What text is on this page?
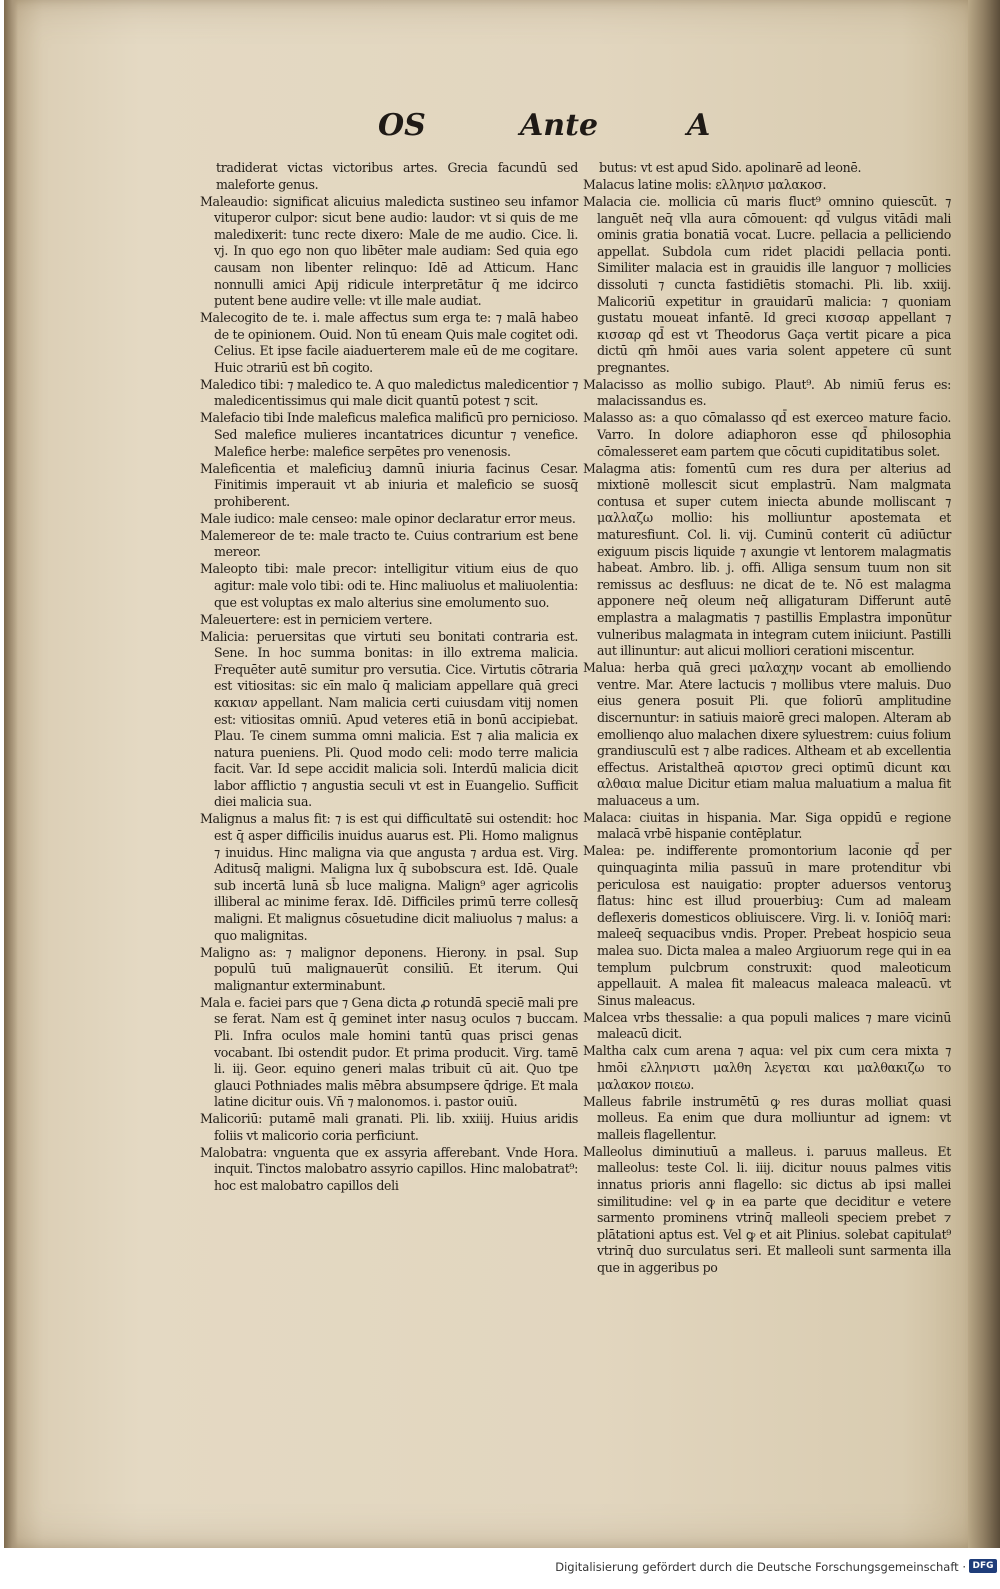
OS	Ante	A

tradiderat victas victoribus artes. Grecia facundū sed maleforte genus.

Maleaudio: significat alicuius maledicta sustineo seu infamor vituperor culpor: sicut bene audio: laudor: vt si quis de me maledixerit: tunc recte dixero: Male de me audio. Cice. li. vj. In quo ego non quo libēter male audiam: Sed quia ego causam non libenter relinquo: Idē ad Atticum. Hanc nonnulli amici Apij ridicule interpretātur q̄ me idcirco putent bene audire velle: vt ille male audiat.

Malecogito de te. i. male affectus sum erga te: ⁊ malā habeo de te opinionem. Ouid. Non tū eneam Quis male cogitet odi. Celius. Et ipse facile aiaduerterem male eū de me cogitare. Huic ɔtrariū est bn̄ cogito.

Maledico tibi: ⁊ maledico te. A quo maledictus maledicentior ⁊ maledicentissimus qui male dicit quantū potest ⁊ scit.

Malefacio tibi Inde maleficus malefica malificū pro pernicioso. Sed malefice mulieres incantatrices dicuntur ⁊ venefice. Malefice herbe: malefice serpētes pro venenosis.

Maleficentia et maleficiuꝫ damnū iniuria facinus Cesar. Finitimis imperauit vt ab iniuria et maleficio se suosq̄ prohiberent.

Male iudico: male censeo: male opinor declaratur error meus.

Malemereor de te: male tracto te. Cuius contrarium est bene mereor.

Maleopto tibi: male precor: intelligitur vitium eius de quo agitur: male volo tibi: odi te. Hinc maliuolus et maliuolentia: que est voluptas ex malo alterius sine emolumento suo.

Maleuertere: est in perniciem vertere.

Malicia: peruersitas que virtuti seu bonitati contraria est. Sene. In hoc summa bonitas: in illo extrema malicia. Frequēter autē sumitur pro versutia. Cice. Virtutis cōtraria est vitiositas: sic eīn malo q̄ maliciam appellare quā greci κακιαν appellant. Nam malicia certi cuiusdam vitij nomen est: vitiositas omniū. Apud veteres etiā in bonū accipiebat. Plau. Te cinem summa omni malicia. Est ⁊ alia malicia ex natura pueniens. Pli. Quod modo celi: modo terre malicia facit. Var. Id sepe accidit malicia soli. Interdū malicia dicit labor afflictio ⁊ angustia seculi vt est in Euangelio. Sufficit diei malicia sua.

Malignus a malus fit: ⁊ is est qui difficultatē sui ostendit: hoc est q̄ asper difficilis inuidus auarus est. Pli. Homo malignus ⁊ inuidus. Hinc maligna via que angusta ⁊ ardua est. Virg. Aditusq̄ maligni. Maligna lux q̄ subobscura est. Idē. Quale sub incertā lunā sb̄ luce maligna. Malign⁹ ager agricolis illiberal ac minime ferax. Idē. Difficiles primū terre collesq̄ maligni. Et malignus cōsuetudine dicit maliuolus ⁊ malus: a quo malignitas.

Maligno as: ⁊ malignor deponens. Hierony. in psal. Sup populū tuū malignauerūt consiliū. Et iterum. Qui malignantur exterminabunt.

Mala e. faciei pars que ⁊ Gena dicta ꝓ rotundā speciē mali pre se ferat. Nam est q̄ geminet inter nasuꝫ oculos ⁊ buccam. Pli. Infra oculos male homini tantū quas prisci genas vocabant. Ibi ostendit pudor. Et prima producit. Virg. tamē li. iij. Geor. equino generi malas tribuit cū ait. Quo tpe glauci Pothniades malis mēbra absumpsere q̄drige. Et mala latine dicitur ouis. Vn̄ ⁊ malonomos. i. pastor ouiū.

Malicoriū: putamē mali granati. Pli. lib. xxiiij. Huius aridis foliis vt malicorio coria perficiunt.

Malobatra: vnguenta que ex assyria afferebant. Vnde Hora. inquit. Tinctos malobatro assyrio capillos. Hinc malobatrat⁹: hoc est malobatro capillos deli

butus: vt est apud Sido. apolinarē ad leonē.

Malacus latine molis: ελληνισ μαλακοσ.

Malacia cie. mollicia cū maris fluct⁹ omnino quiescūt. ⁊ languēt neq̄ vlla aura cōmouent: qd̄ vulgus vitādi mali ominis gratia bonatiā vocat. Lucre. pellacia a pelliciendo appellat. Subdola cum ridet placidi pellacia ponti. Similiter malacia est in grauidis ille languor ⁊ mollicies dissoluti ⁊ cuncta fastidiētis stomachi. Pli. lib. xxiij. Malicoriū expetitur in grauidarū malicia: ⁊ quoniam gustatu moueat infantē. Id greci κισσαρ appellant ⁊ κισσαρ qd̄ est vt Theodorus Gaça vertit picare a pica dictū qm̄ hmōi aues varia solent appetere cū sunt pregnantes.

Malacisso as mollio subigo. Plaut⁹. Ab nimiū ferus es: malacissandus es.

Malasso as: a quo cōmalasso qd̄ est exerceo mature facio. Varro. In dolore adiaphoron esse qd̄ philosophia cōmalesseret eam partem que cōcuti cupiditatibus solet.

Malagma atis: fomentū cum res dura per alterius ad mixtionē mollescit sicut emplastrū. Nam malgmata contusa et super cutem iniecta abunde molliscant ⁊ μαλλαζω mollio: his molliuntur apostemata et maturesfiunt. Col. li. vij. Cuminū conterit cū adiūctur exiguum piscis liquide ⁊ axungie vt lentorem malagmatis habeat. Ambro. lib. j. offi. Alliga sensum tuum non sit remissus ac desfluus: ne dicat de te. Nō est malagma apponere neq̄ oleum neq̄ alligaturam Differunt autē emplastra a malagmatis ⁊ pastillis Emplastra imponūtur vulneribus malagmata in integram cutem iniiciunt. Pastilli aut illinuntur: aut alicui molliori cerationi miscentur.

Malua: herba quā greci μαλαχην vocant ab emolliendo ventre. Mar. Atere lactucis ⁊ mollibus vtere maluis. Duo eius genera posuit Pli. que foliorū amplitudine discernuntur: in satiuis maiorē greci malopen. Alteram ab emollienqo aluo malachen dixere syluestrem: cuius folium grandiusculū est ⁊ albe radices. Altheam et ab excellentia effectus. Aristaltheā αριστον greci optimū dicunt και αλθαια malue Dicitur etiam malua maluatium a malua fit maluaceus a um.

Malaca: ciuitas in hispania. Mar. Siga oppidū e regione malacā vrbē hispanie contēplatur.

Malea: pe. indifferente promontorium laconie qd̄ per quinquaginta milia passuū in mare protenditur vbi periculosa est nauigatio: propter aduersos ventoruꝫ flatus: hinc est illud prouerbiuꝫ: Cum ad maleam deflexeris domesticos obliuiscere. Virg. li. v. Ioniōq̄ mari: maleeq̄ sequacibus vndis. Proper. Prebeat hospicio seua malea suo. Dicta malea a maleo Argiuorum rege qui in ea templum pulcbrum construxit: quod maleoticum appellauit. A malea fit maleacus maleaca maleacū. vt Sinus maleacus.

Malcea vrbs thessalie: a qua populi malices ⁊ mare vicinū maleacū dicit.

Maltha calx cum arena ⁊ aqua: vel pix cum cera mixta ⁊ hmōi ελληνιστι μαλθη λεγεται και μαλθακιζω το μαλακον ποιεω.

Malleus fabrile instrumētū ꝙ res duras molliat quasi molleus. Ea enim que dura molliuntur ad ignem: vt malleis flagellentur.

Malleolus diminutiuū a malleus. i. paruus malleus. Et malleolus: teste Col. li. iiij. dicitur nouus palmes vitis innatus prioris anni flagello: sic dictus ab ipsi mallei similitudine: vel ꝙ in ea parte que deciditur e vetere sarmento prominens vtrinq̄ malleoli speciem prebet ⁊ plātationi aptus est. Vel ꝙ et ait Plinius. solebat capitulat⁹ vtrinq̄ duo surculatus seri. Et malleoli sunt sarmenta illa que in aggeribus po

Digitalisierung gefördert durch die Deutsche Forschungsgemeinschaft · DFG
